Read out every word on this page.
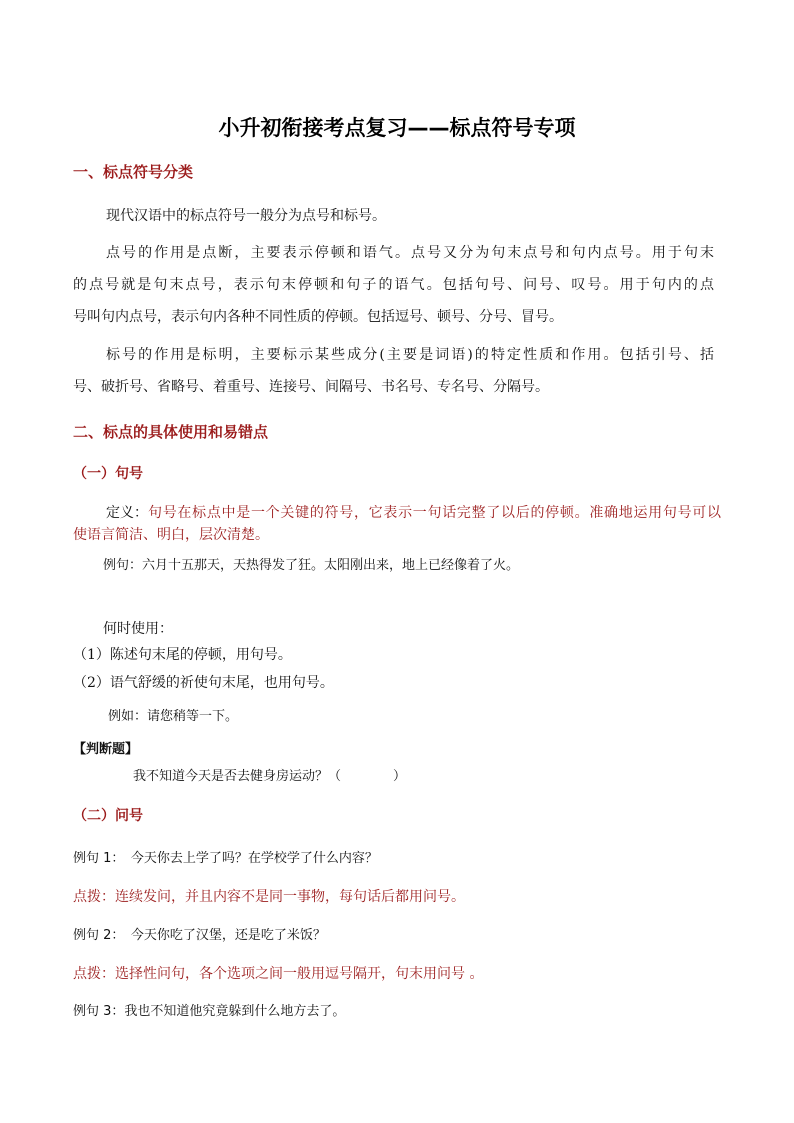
小升初衔接考点复习——标点符号专项
一、标点符号分类
现代汉语中的标点符号一般分为点号和标号。
点号的作用是点断，主要表示停顿和语气。点号又分为句末点号和句内点号。用于句末
的点号就是句末点号，表示句末停顿和句子的语气。包括句号、问号、叹号。用于句内的点
号叫句内点号，表示句内各种不同性质的停顿。包括逗号、顿号、分号、冒号。
标号的作用是标明，主要标示某些成分(主要是词语)的特定性质和作用。包括引号、括
号、破折号、省略号、着重号、连接号、间隔号、书名号、专名号、分隔号。
二、标点的具体使用和易错点
（一）句号
定义： 句号在标点中是一个关键的符号，它表示一句话完整了以后的停顿。准确地运用句号可以
使语言简洁、明白，层次清楚。
例句：六月十五那天，天热得发了狂。太阳刚出来，地上已经像着了火。
何时使用：
（1）陈述句末尾的停顿，用句号。
（2）语气舒缓的祈使句末尾，也用句号。
例如：请您稍等一下。
【判断题】
我不知道今天是否去健身房运动？（　　　　）
（二）问号
例句 1：　今天你去上学了吗？在学校学了什么内容？
点拨：连续发问，并且内容不是同一事物，每句话后都用问号。
例句 2：　今天你吃了汉堡，还是吃了米饭？
点拨：选择性问句，各个选项之间一般用逗号隔开，句末用问号 。
例句 3：我也不知道他究竟躲到什么地方去了。
